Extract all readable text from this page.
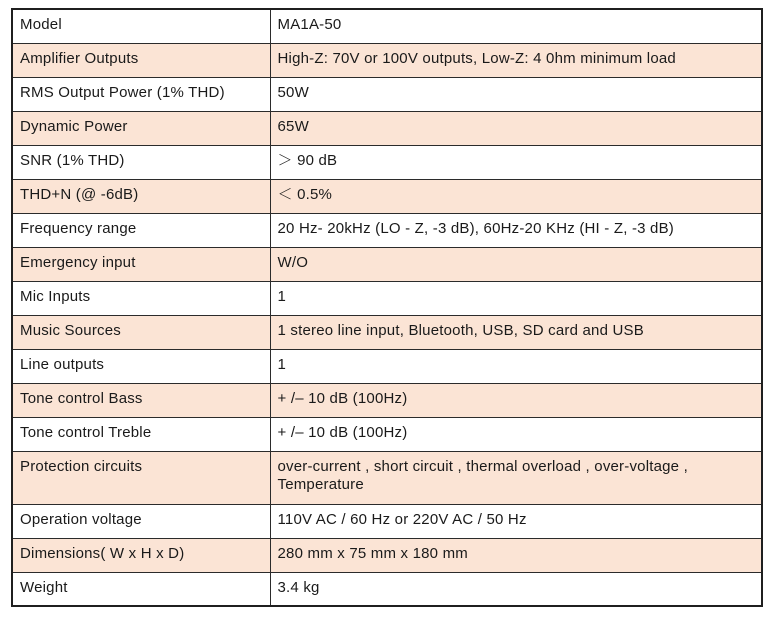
Model	MA1A-50
Amplifier Outputs	High-Z: 70V or 100V outputs, Low-Z: 4 0hm minimum load
RMS Output Power (1% THD)	50W
Dynamic Power	65W
SNR (1% THD)	＞ 90 dB
THD+N (@ -6dB)	＜ 0.5%
Frequency range	20 Hz- 20kHz (LO - Z, -3 dB), 60Hz-20 KHz (HI - Z, -3 dB)
Emergency input	W/O
Mic Inputs	1
Music Sources	1 stereo line input, Bluetooth, USB, SD card and USB
Line outputs	1
Tone control Bass	+ /– 10 dB (100Hz)
Tone control Treble	+ /– 10 dB (100Hz)
Protection circuits	over-current , short circuit , thermal overload , over-voltage , Temperature
Operation voltage	110V AC / 60 Hz or 220V AC / 50 Hz
Dimensions( W x H x D)	280 mm x 75 mm x 180 mm
Weight	3.4 kg
